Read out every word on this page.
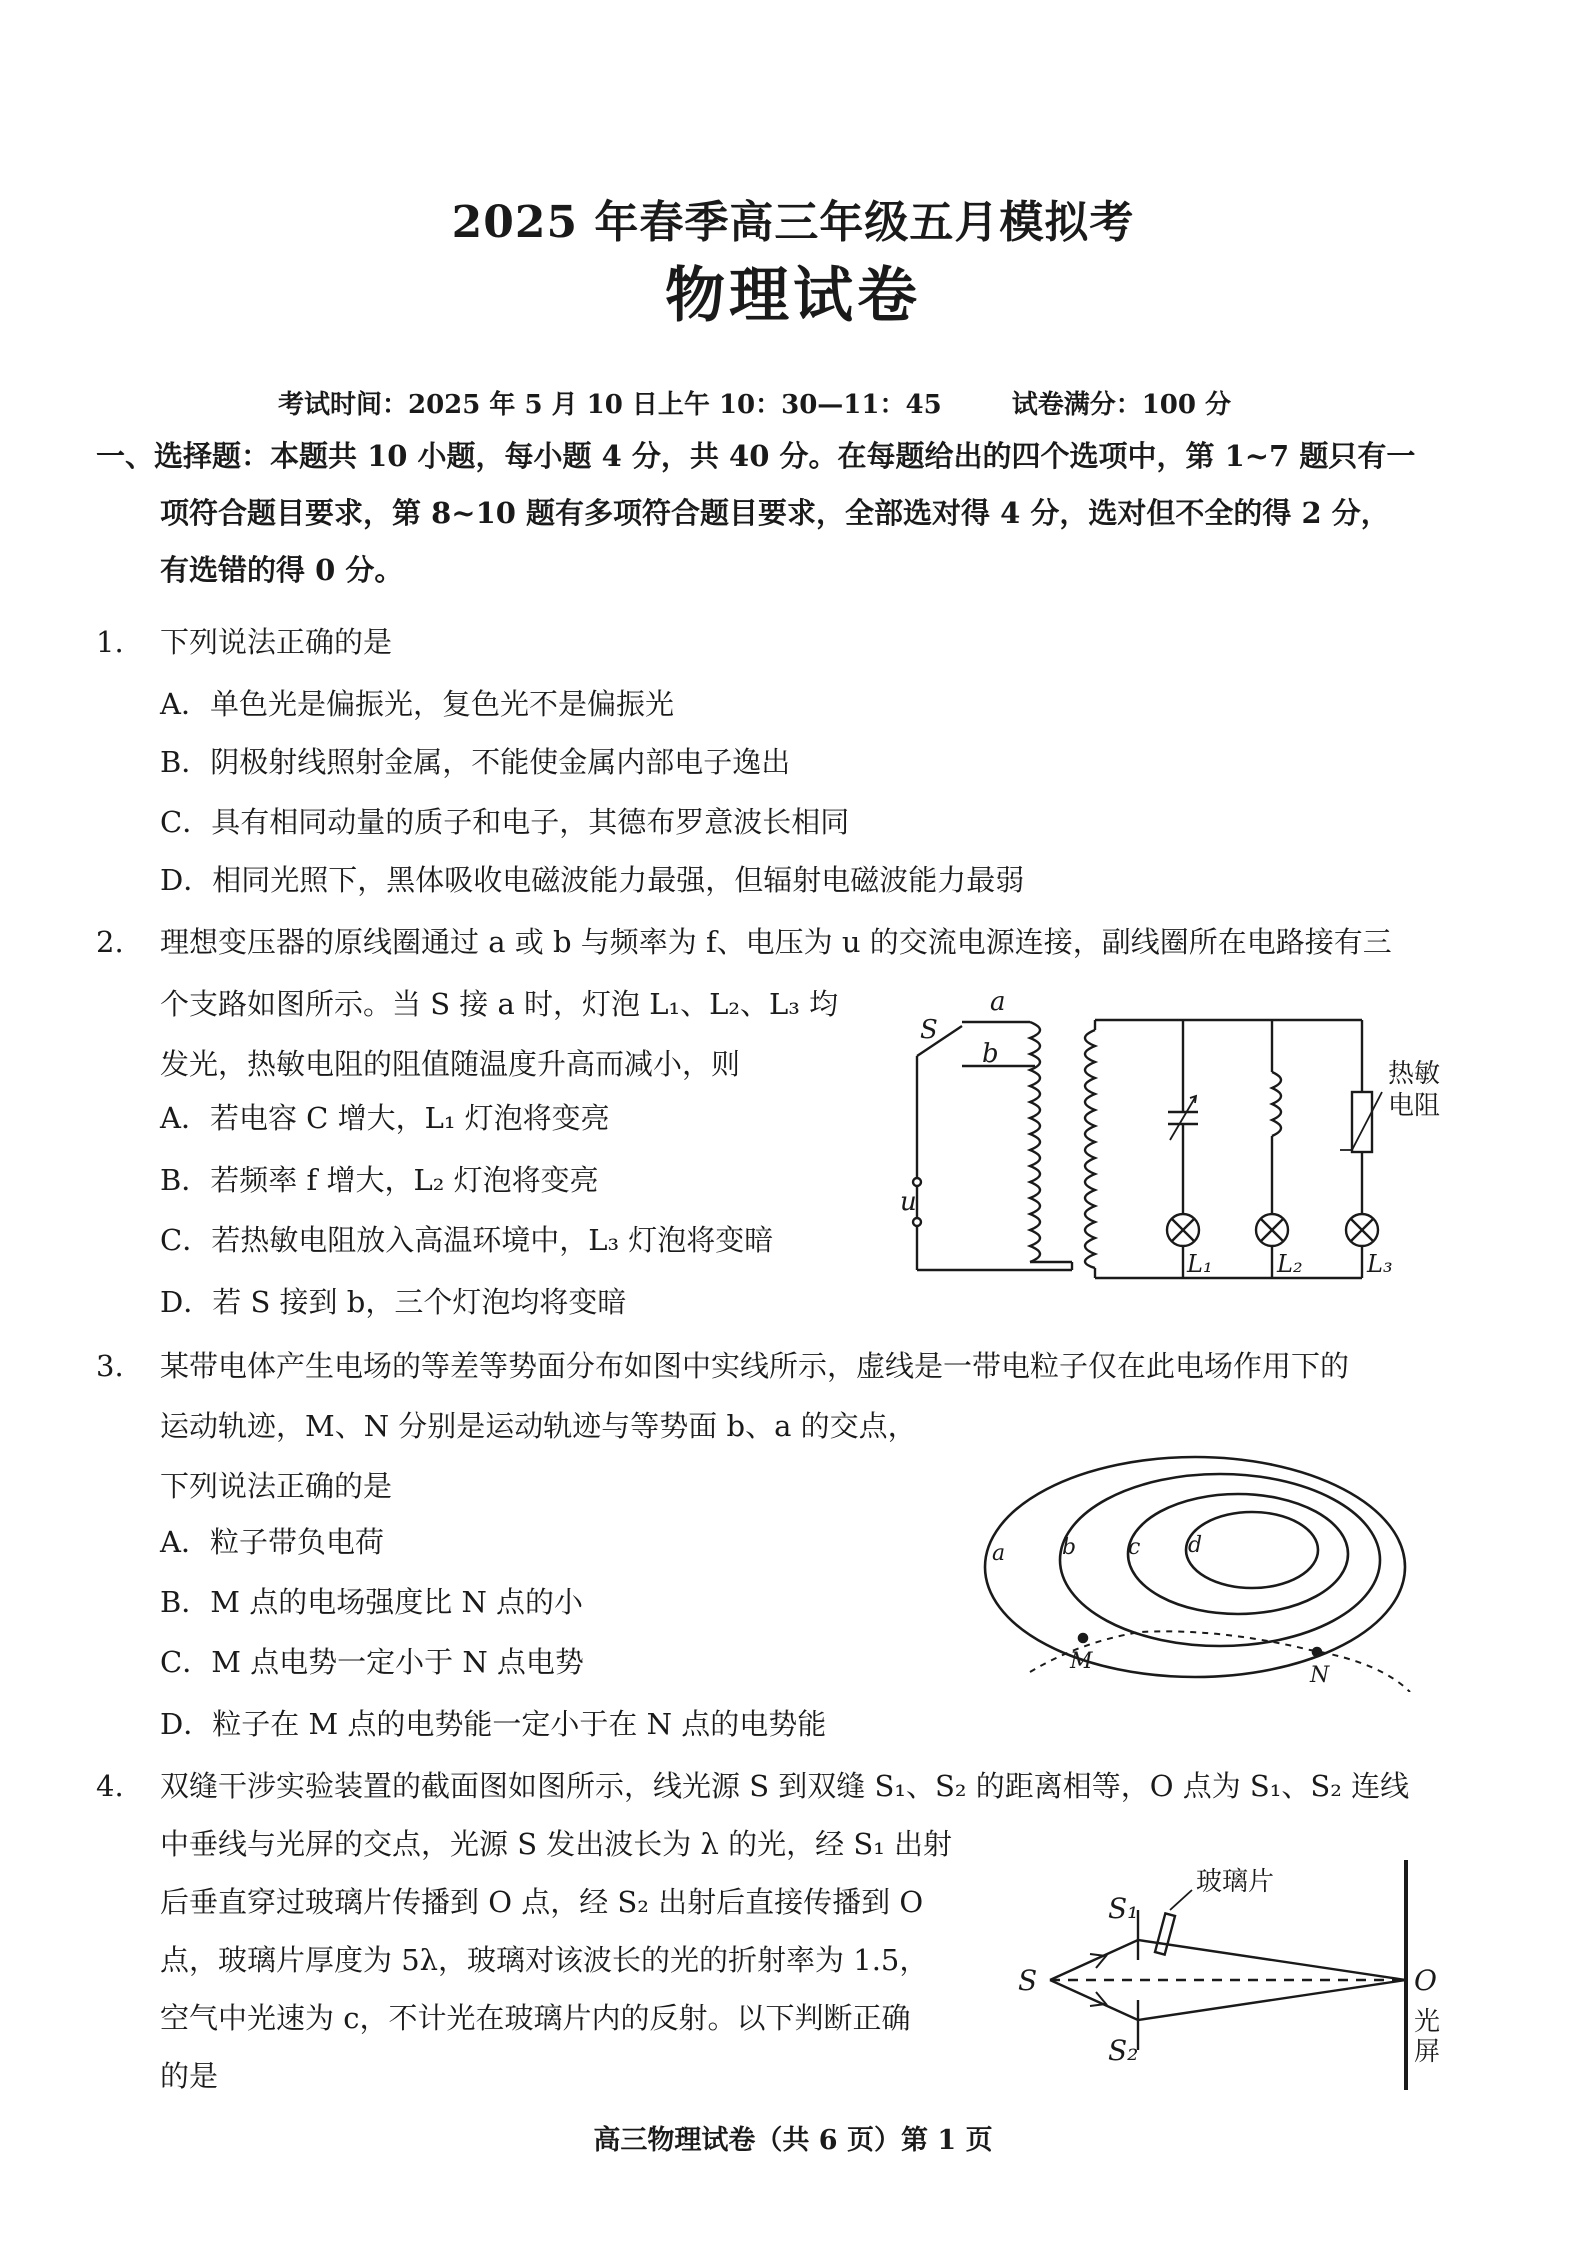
2025 年春季高三年级五月模拟考
物理试卷
考试时间：2025 年 5 月 10 日上午 10：30—11：45	试卷满分：100 分
一、选择题：本题共 10 小题，每小题 4 分，共 40 分。在每题给出的四个选项中，第 1~7 题只有一
项符合题目要求，第 8~10 题有多项符合题目要求，全部选对得 4 分，选对但不全的得 2 分，
有选错的得 0 分。
1. 下列说法正确的是
A．单色光是偏振光，复色光不是偏振光
B．阴极射线照射金属，不能使金属内部电子逸出
C．具有相同动量的质子和电子，其德布罗意波长相同
D．相同光照下，黑体吸收电磁波能力最强，但辐射电磁波能力最弱
2. 理想变压器的原线圈通过 a 或 b 与频率为 f、电压为 u 的交流电源连接，副线圈所在电路接有三
个支路如图所示。当 S 接 a 时，灯泡 L₁、L₂、L₃ 均
发光，热敏电阻的阻值随温度升高而减小，则
A．若电容 C 增大，L₁ 灯泡将变亮
B．若频率 f 增大，L₂ 灯泡将变亮
C．若热敏电阻放入高温环境中，L₃ 灯泡将变暗
D．若 S 接到 b，三个灯泡均将变暗
S
a
b
u
L₁	L₂	L₃
热敏
电阻
3. 某带电体产生电场的等差等势面分布如图中实线所示，虚线是一带电粒子仅在此电场作用下的
运动轨迹，M、N 分别是运动轨迹与等势面 b、a 的交点，
下列说法正确的是
A．粒子带负电荷
B．M 点的电场强度比 N 点的小
C．M 点电势一定小于 N 点电势
D．粒子在 M 点的电势能一定小于在 N 点的电势能
a	b c d
M
N
4. 双缝干涉实验装置的截面图如图所示，线光源 S 到双缝 S₁、S₂ 的距离相等，O 点为 S₁、S₂ 连线
中垂线与光屏的交点，光源 S 发出波长为 λ 的光，经 S₁ 出射
后垂直穿过玻璃片传播到 O 点，经 S₂ 出射后直接传播到 O
点，玻璃片厚度为 5λ，玻璃对该波长的光的折射率为 1.5，
空气中光速为 c，不计光在玻璃片内的反射。以下判断正确
的是
S
S₁
S₂
O
玻璃片
光
屏
高三物理试卷（共 6 页）第 1 页
